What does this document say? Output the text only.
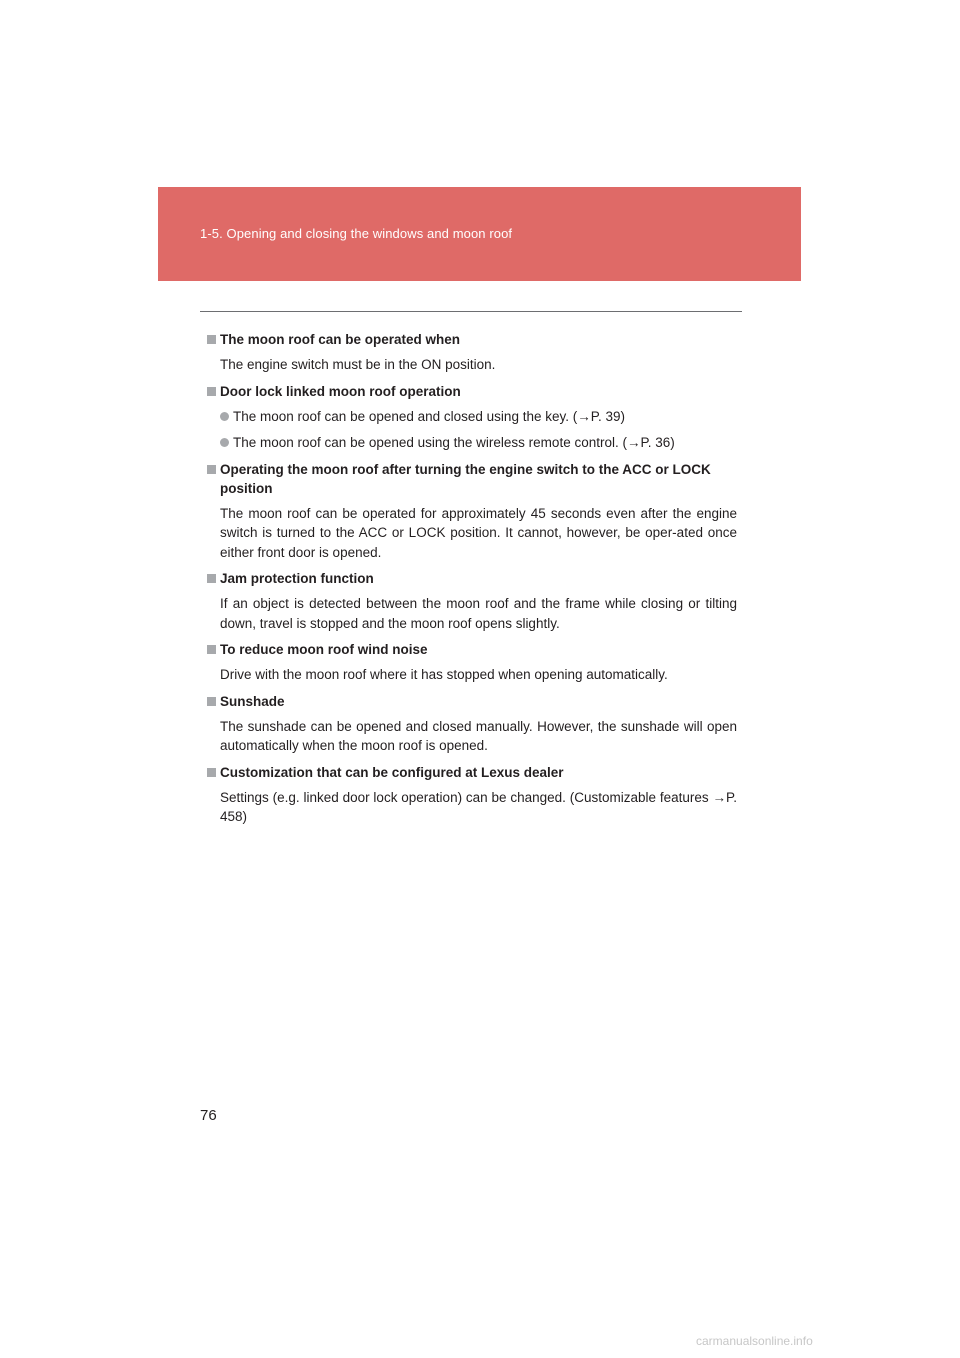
1-5. Opening and closing the windows and moon roof
The moon roof can be operated when
The engine switch must be in the ON position.
Door lock linked moon roof operation
The moon roof can be opened and closed using the key. (→P. 39)
The moon roof can be opened using the wireless remote control. (→P. 36)
Operating the moon roof after turning the engine switch to the ACC or LOCK position
The moon roof can be operated for approximately 45 seconds even after the engine switch is turned to the ACC or LOCK position. It cannot, however, be oper-ated once either front door is opened.
Jam protection function
If an object is detected between the moon roof and the frame while closing or tilting down, travel is stopped and the moon roof opens slightly.
To reduce moon roof wind noise
Drive with the moon roof where it has stopped when opening automatically.
Sunshade
The sunshade can be opened and closed manually. However, the sunshade will open automatically when the moon roof is opened.
Customization that can be configured at Lexus dealer
Settings (e.g. linked door lock operation) can be changed. (Customizable features →P. 458)
76
carmanualsonline.info
